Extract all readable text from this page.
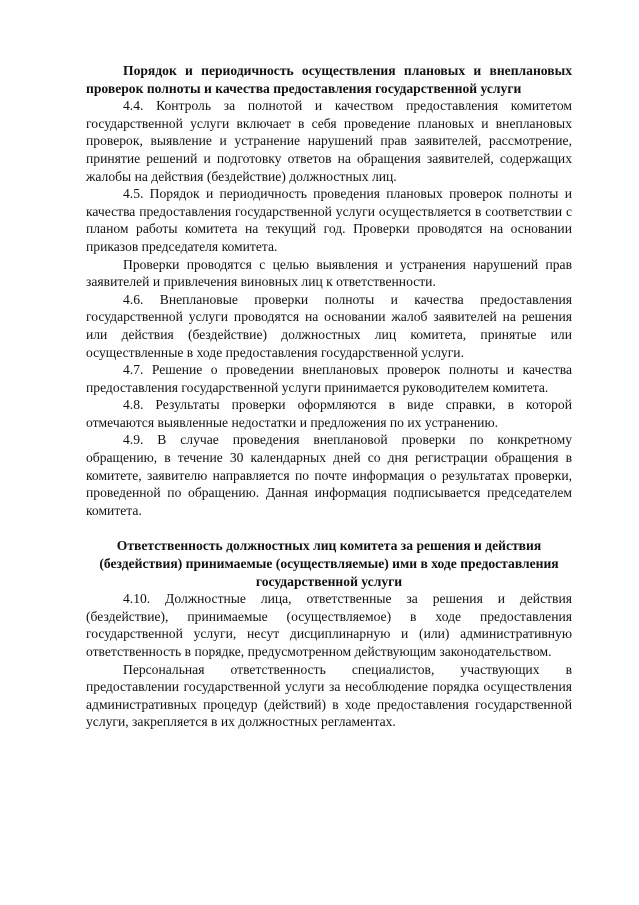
Порядок и периодичность осуществления плановых и внеплановых проверок полноты и качества предоставления государственной услуги

4.4. Контроль за полнотой и качеством предоставления комитетом государственной услуги включает в себя проведение плановых и внеплановых проверок, выявление и устранение нарушений прав заявителей, рассмотрение, принятие решений и подготовку ответов на обращения заявителей, содержащих жалобы на действия (бездействие) должностных лиц.

4.5. Порядок и периодичность проведения плановых проверок полноты и качества предоставления государственной услуги осуществляется в соответствии с планом работы комитета на текущий год. Проверки проводятся на основании приказов председателя комитета.

Проверки проводятся с целью выявления и устранения нарушений прав заявителей и привлечения виновных лиц к ответственности.

4.6. Внеплановые проверки полноты и качества предоставления государственной услуги проводятся на основании жалоб заявителей на решения или действия (бездействие) должностных лиц комитета, принятые или осуществленные в ходе предоставления государственной услуги.

4.7. Решение о проведении внеплановых проверок полноты и качества предоставления государственной услуги принимается руководителем комитета.

4.8. Результаты проверки оформляются в виде справки, в которой отмечаются выявленные недостатки и предложения по их устранению.

4.9. В случае проведения внеплановой проверки по конкретному обращению, в течение 30 календарных дней со дня регистрации обращения в комитете, заявителю направляется по почте информация о результатах проверки, проведенной по обращению. Данная информация подписывается председателем комитета.

Ответственность должностных лиц комитета за решения и действия (бездействия) принимаемые (осуществляемые) ими в ходе предоставления государственной услуги

4.10. Должностные лица, ответственные за решения и действия (бездействие), принимаемые (осуществляемое) в ходе предоставления государственной услуги, несут дисциплинарную и (или) административную ответственность в порядке, предусмотренном действующим законодательством.

Персональная ответственность специалистов, участвующих в предоставлении государственной услуги за несоблюдение порядка осуществления административных процедур (действий) в ходе предоставления государственной услуги, закрепляется в их должностных регламентах.
